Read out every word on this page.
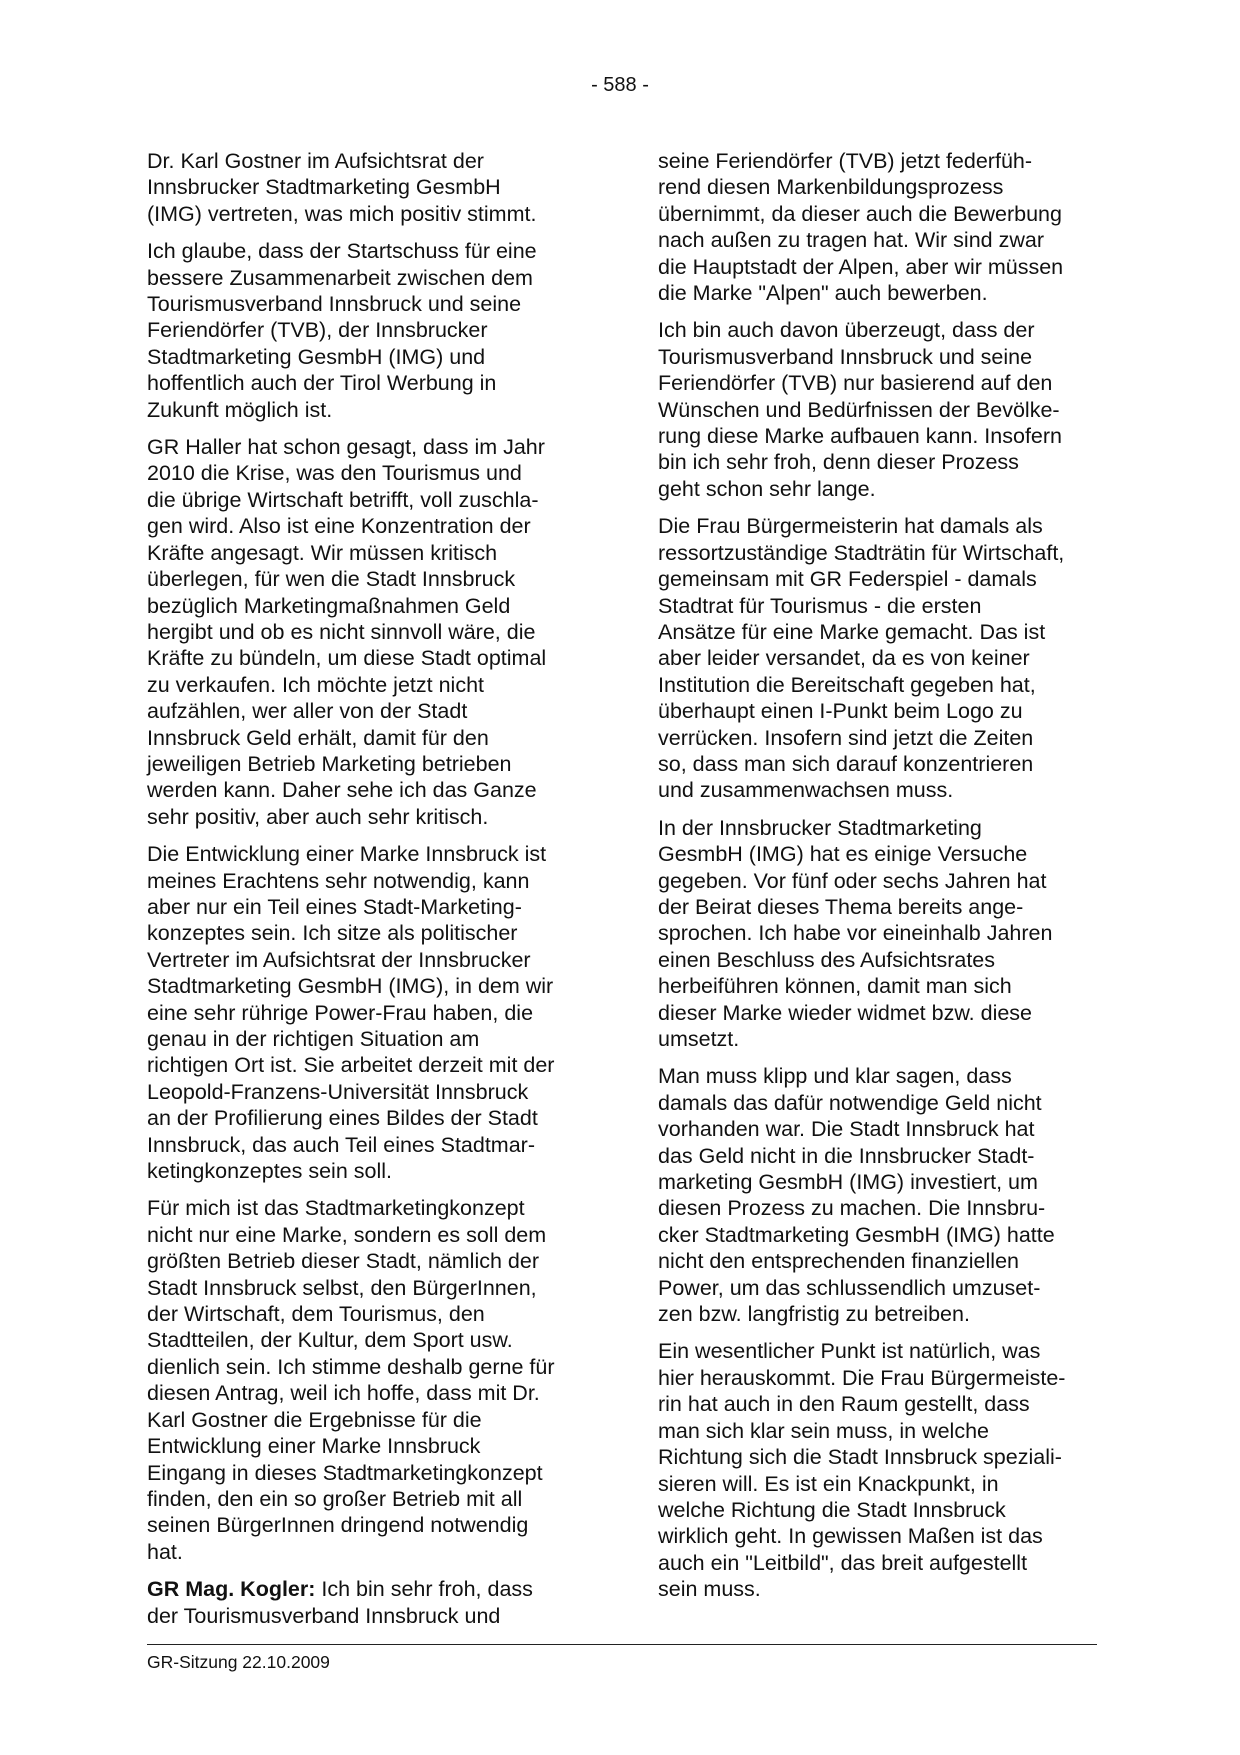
- 588 -

Dr. Karl Gostner im Aufsichtsrat der
Innsbrucker Stadtmarketing GesmbH
(IMG) vertreten, was mich positiv stimmt.

Ich glaube, dass der Startschuss für eine
bessere Zusammenarbeit zwischen dem
Tourismusverband Innsbruck und seine
Feriendörfer (TVB), der Innsbrucker
Stadtmarketing GesmbH (IMG) und
hoffentlich auch der Tirol Werbung in
Zukunft möglich ist.

GR Haller hat schon gesagt, dass im Jahr
2010 die Krise, was den Tourismus und
die übrige Wirtschaft betrifft, voll zuschla-
gen wird. Also ist eine Konzentration der
Kräfte angesagt. Wir müssen kritisch
überlegen, für wen die Stadt Innsbruck
bezüglich Marketingmaßnahmen Geld
hergibt und ob es nicht sinnvoll wäre, die
Kräfte zu bündeln, um diese Stadt optimal
zu verkaufen. Ich möchte jetzt nicht
aufzählen, wer aller von der Stadt
Innsbruck Geld erhält, damit für den
jeweiligen Betrieb Marketing betrieben
werden kann. Daher sehe ich das Ganze
sehr positiv, aber auch sehr kritisch.

Die Entwicklung einer Marke Innsbruck ist
meines Erachtens sehr notwendig, kann
aber nur ein Teil eines Stadt-Marketing-
konzeptes sein. Ich sitze als politischer
Vertreter im Aufsichtsrat der Innsbrucker
Stadtmarketing GesmbH (IMG), in dem wir
eine sehr rührige Power-Frau haben, die
genau in der richtigen Situation am
richtigen Ort ist. Sie arbeitet derzeit mit der
Leopold-Franzens-Universität Innsbruck
an der Profilierung eines Bildes der Stadt
Innsbruck, das auch Teil eines Stadtmar-
ketingkonzeptes sein soll.

Für mich ist das Stadtmarketingkonzept
nicht nur eine Marke, sondern es soll dem
größten Betrieb dieser Stadt, nämlich der
Stadt Innsbruck selbst, den BürgerInnen,
der Wirtschaft, dem Tourismus, den
Stadtteilen, der Kultur, dem Sport usw.
dienlich sein. Ich stimme deshalb gerne für
diesen Antrag, weil ich hoffe, dass mit Dr.
Karl Gostner die Ergebnisse für die
Entwicklung einer Marke Innsbruck
Eingang in dieses Stadtmarketingkonzept
finden, den ein so großer Betrieb mit all
seinen BürgerInnen dringend notwendig
hat.

GR Mag. Kogler: Ich bin sehr froh, dass
der Tourismusverband Innsbruck und

seine Feriendörfer (TVB) jetzt federfüh-
rend diesen Markenbildungsprozess
übernimmt, da dieser auch die Bewerbung
nach außen zu tragen hat. Wir sind zwar
die Hauptstadt der Alpen, aber wir müssen
die Marke "Alpen" auch bewerben.

Ich bin auch davon überzeugt, dass der
Tourismusverband Innsbruck und seine
Feriendörfer (TVB) nur basierend auf den
Wünschen und Bedürfnissen der Bevölke-
rung diese Marke aufbauen kann. Insofern
bin ich sehr froh, denn dieser Prozess
geht schon sehr lange.

Die Frau Bürgermeisterin hat damals als
ressortzuständige Stadträtin für Wirtschaft,
gemeinsam mit GR Federspiel - damals
Stadtrat für Tourismus - die ersten
Ansätze für eine Marke gemacht. Das ist
aber leider versandet, da es von keiner
Institution die Bereitschaft gegeben hat,
überhaupt einen I-Punkt beim Logo zu
verrücken. Insofern sind jetzt die Zeiten
so, dass man sich darauf konzentrieren
und zusammenwachsen muss.

In der Innsbrucker Stadtmarketing
GesmbH (IMG) hat es einige Versuche
gegeben. Vor fünf oder sechs Jahren hat
der Beirat dieses Thema bereits ange-
sprochen. Ich habe vor eineinhalb Jahren
einen Beschluss des Aufsichtsrates
herbeiführen können, damit man sich
dieser Marke wieder widmet bzw. diese
umsetzt.

Man muss klipp und klar sagen, dass
damals das dafür notwendige Geld nicht
vorhanden war. Die Stadt Innsbruck hat
das Geld nicht in die Innsbrucker Stadt-
marketing GesmbH (IMG) investiert, um
diesen Prozess zu machen. Die Innsbru-
cker Stadtmarketing GesmbH (IMG) hatte
nicht den entsprechenden finanziellen
Power, um das schlussendlich umzuset-
zen bzw. langfristig zu betreiben.

Ein wesentlicher Punkt ist natürlich, was
hier herauskommt. Die Frau Bürgermeiste-
rin hat auch in den Raum gestellt, dass
man sich klar sein muss, in welche
Richtung sich die Stadt Innsbruck speziali-
sieren will. Es ist ein Knackpunkt, in
welche Richtung die Stadt Innsbruck
wirklich geht. In gewissen Maßen ist das
auch ein "Leitbild", das breit aufgestellt
sein muss.

GR-Sitzung 22.10.2009
